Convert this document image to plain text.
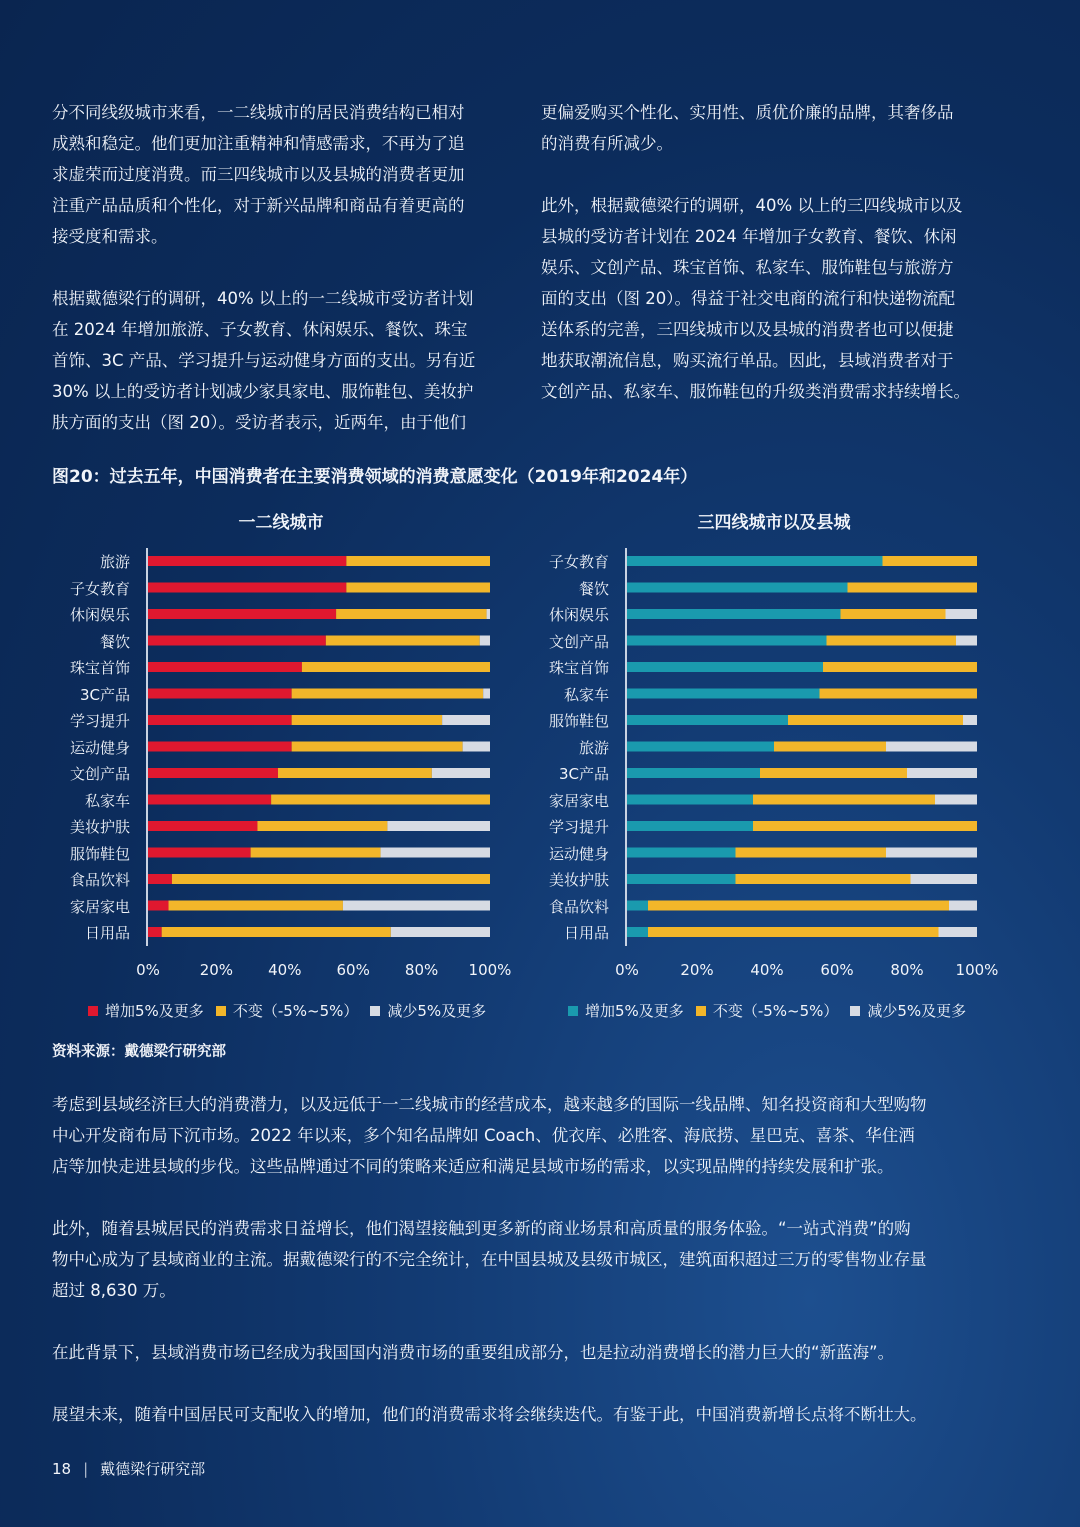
分不同线级城市来看，一二线城市的居民消费结构已相对
成熟和稳定。他们更加注重精神和情感需求，不再为了追
求虚荣而过度消费。而三四线城市以及县城的消费者更加
注重产品品质和个性化，对于新兴品牌和商品有着更高的
接受度和需求。

根据戴德梁行的调研，40% 以上的一二线城市受访者计划
在 2024 年增加旅游、子女教育、休闲娱乐、餐饮、珠宝
首饰、3C 产品、学习提升与运动健身方面的支出。另有近
30% 以上的受访者计划减少家具家电、服饰鞋包、美妆护
肤方面的支出（图 20）。受访者表示，近两年，由于他们
更偏爱购买个性化、实用性、质优价廉的品牌，其奢侈品
的消费有所减少。

此外，根据戴德梁行的调研，40% 以上的三四线城市以及
县城的受访者计划在 2024 年增加子女教育、餐饮、休闲
娱乐、文创产品、珠宝首饰、私家车、服饰鞋包与旅游方
面的支出（图 20）。得益于社交电商的流行和快递物流配
送体系的完善，三四线城市以及县城的消费者也可以便捷
地获取潮流信息，购买流行单品。因此，县域消费者对于
文创产品、私家车、服饰鞋包的升级类消费需求持续增长。
图20：过去五年，中国消费者在主要消费领域的消费意愿变化（2019年和2024年）
一二线城市
旅游
子女教育
休闲娱乐
餐饮
珠宝首饰
3C产品
学习提升
运动健身
文创产品
私家车
美妆护肤
服饰鞋包
食品饮料
家居家电
日用品
0%	20% 40% 60% 80% 100%
增加5%及更多 不变（-5%~5%） 减少5%及更多
三四线城市以及县城
子女教育
餐饮
休闲娱乐
文创产品
珠宝首饰
私家车
服饰鞋包
旅游
3C产品
家居家电
学习提升
运动健身
美妆护肤
食品饮料
日用品
0%	20% 40% 60% 80% 100%
增加5%及更多 不变（-5%~5%） 减少5%及更多
资料来源：戴德梁行研究部
考虑到县域经济巨大的消费潜力，以及远低于一二线城市的经营成本，越来越多的国际一线品牌、知名投资商和大型购物
中心开发商布局下沉市场。2022 年以来，多个知名品牌如 Coach、优衣库、必胜客、海底捞、星巴克、喜茶、华住酒
店等加快走进县域的步伐。这些品牌通过不同的策略来适应和满足县域市场的需求，以实现品牌的持续发展和扩张。

此外，随着县城居民的消费需求日益增长，他们渴望接触到更多新的商业场景和高质量的服务体验。“一站式消费”的购
物中心成为了县域商业的主流。据戴德梁行的不完全统计，在中国县城及县级市城区，建筑面积超过三万的零售物业存量
超过 8,630 万。

在此背景下，县域消费市场已经成为我国国内消费市场的重要组成部分，也是拉动消费增长的潜力巨大的“新蓝海”。

展望未来，随着中国居民可支配收入的增加，他们的消费需求将会继续迭代。有鉴于此，中国消费新增长点将不断壮大。
18 | 戴德梁行研究部
